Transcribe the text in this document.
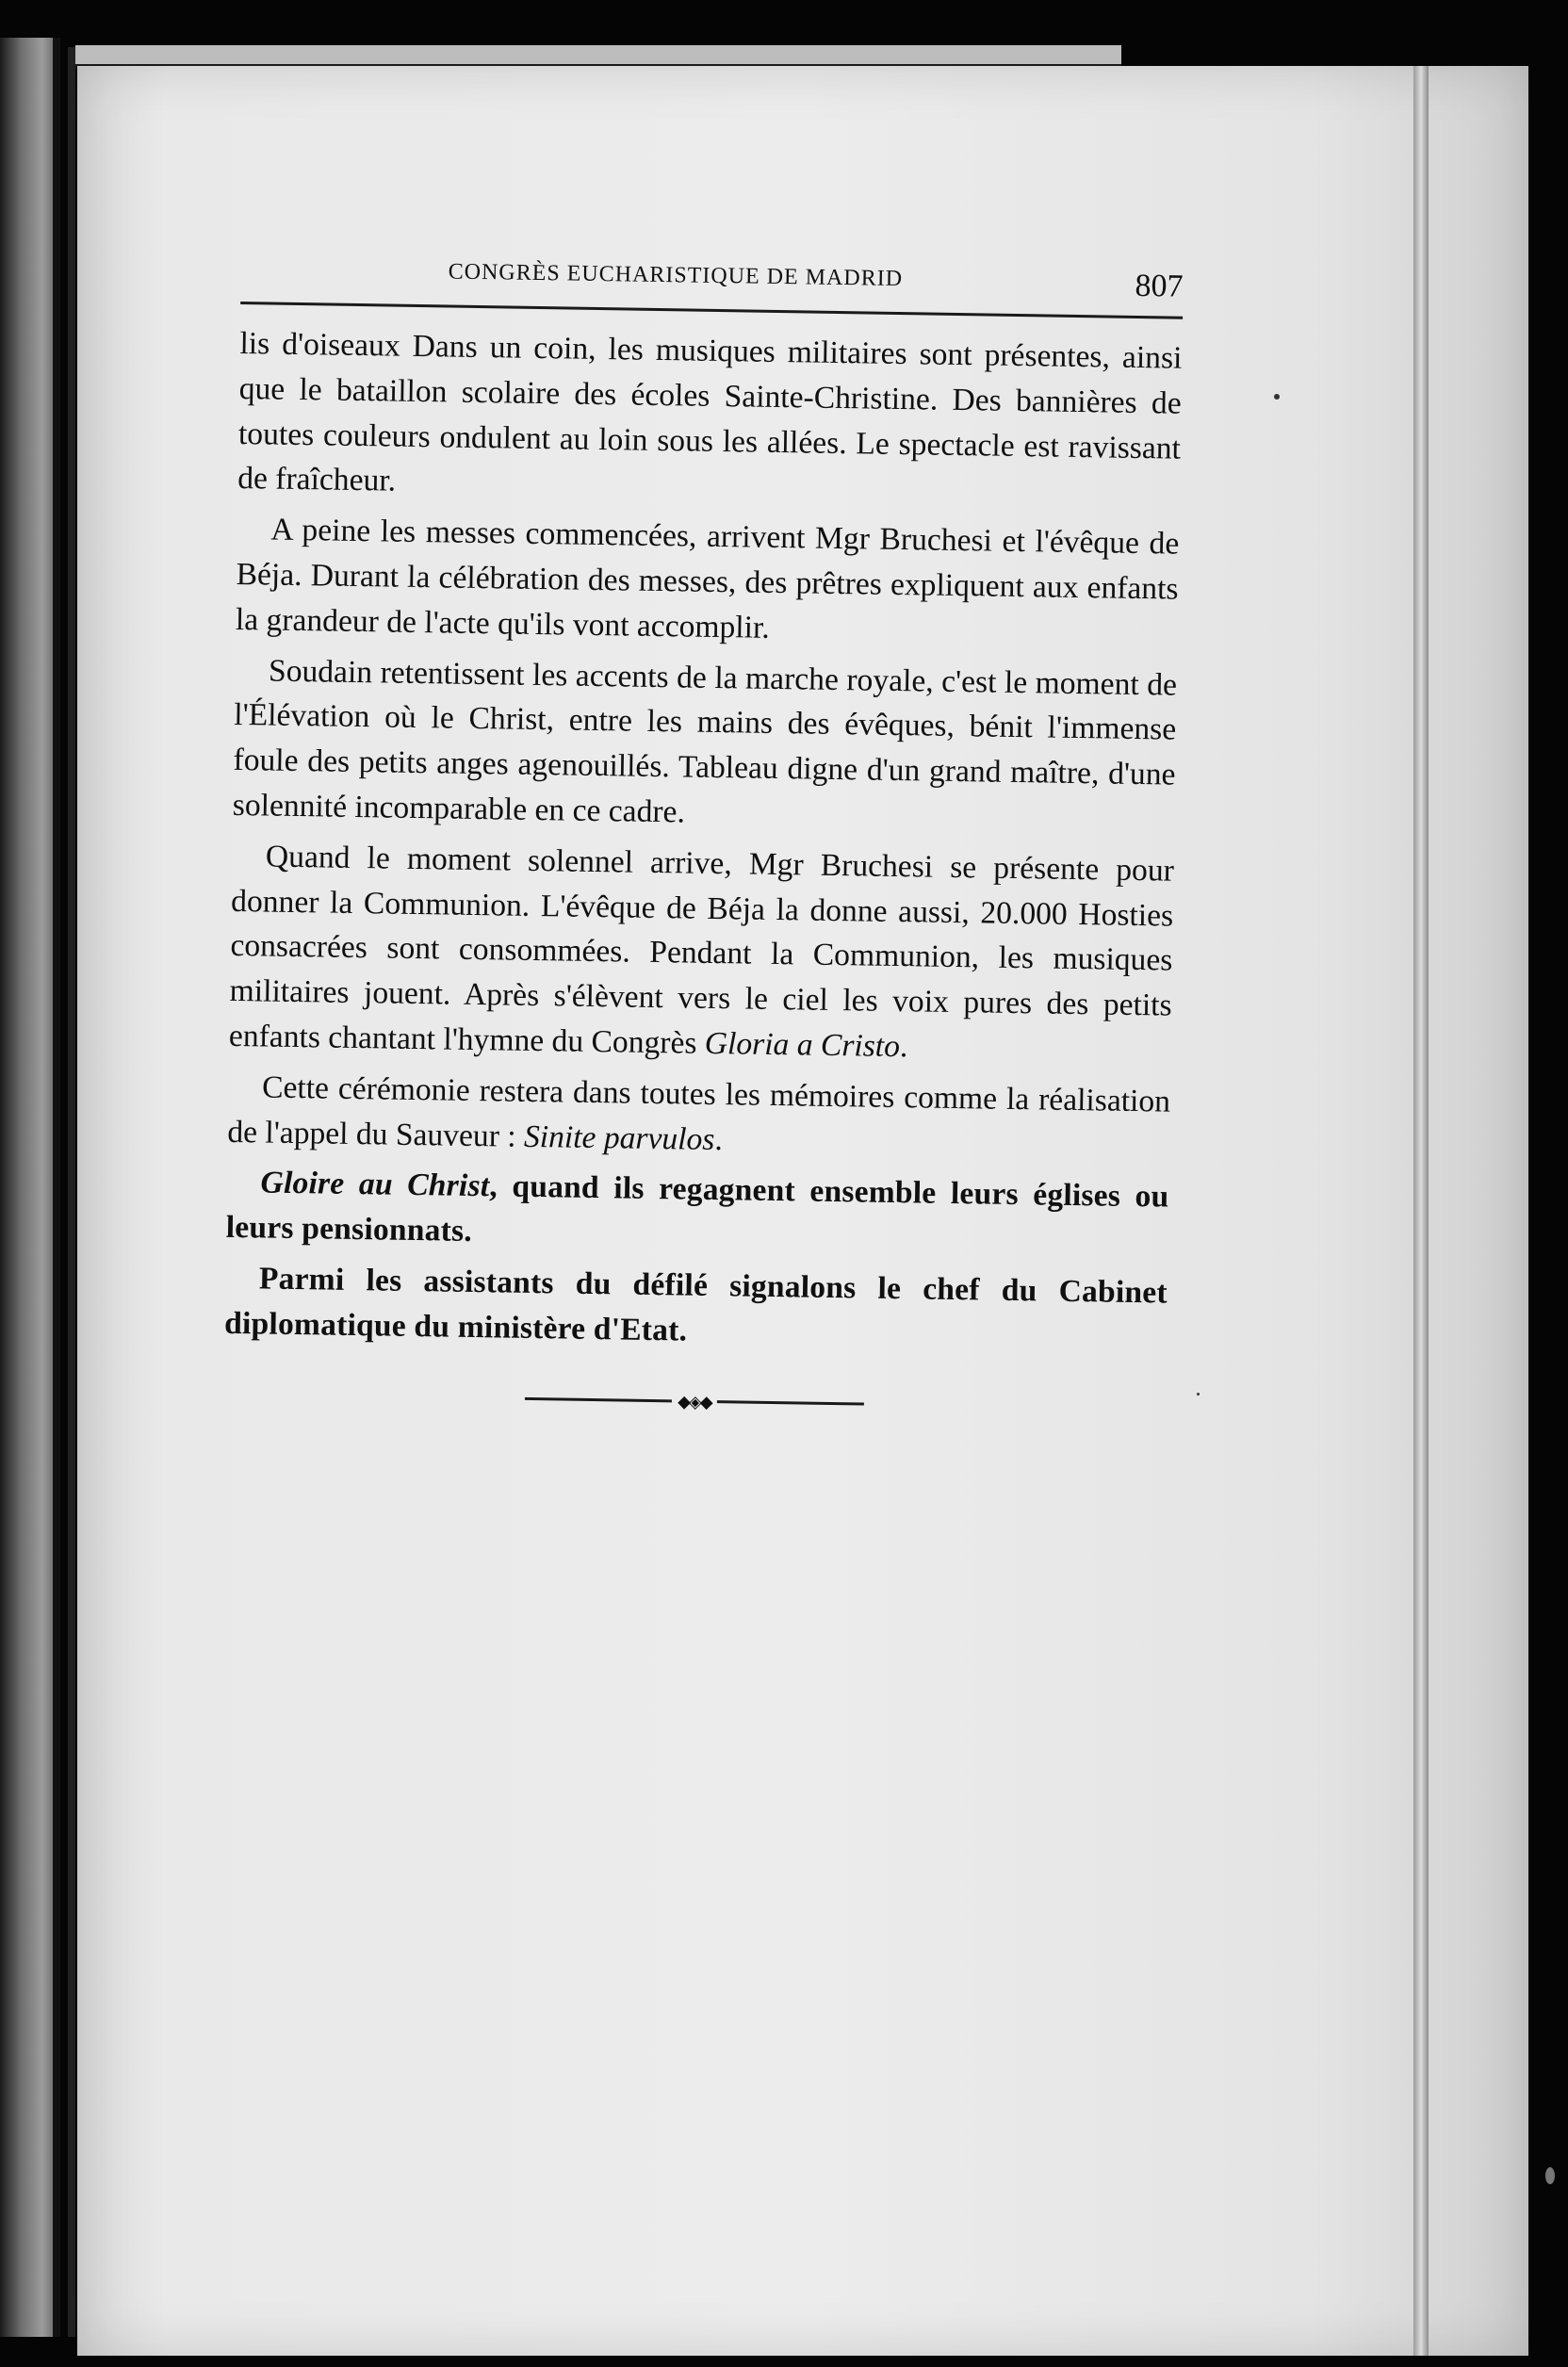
CONGRÈS EUCHARISTIQUE DE MADRID	807

lis d'oiseaux Dans un coin, les musiques militaires sont présentes, ainsi que le bataillon scolaire des écoles Sainte-Christine. Des bannières de toutes couleurs ondulent au loin sous les allées. Le spectacle est ravissant de fraîcheur.

A peine les messes commencées, arrivent Mgr Bruchesi et l'évêque de Béja. Durant la célébration des messes, des prêtres expliquent aux enfants la grandeur de l'acte qu'ils vont accomplir.

Soudain retentissent les accents de la marche royale, c'est le moment de l'Élévation où le Christ, entre les mains des évêques, bénit l'immense foule des petits anges agenouillés. Tableau digne d'un grand maître, d'une solennité incomparable en ce cadre.

Quand le moment solennel arrive, Mgr Bruchesi se présente pour donner la Communion. L'évêque de Béja la donne aussi, 20.000 Hosties consacrées sont consommées. Pendant la Communion, les musiques militaires jouent. Après s'élèvent vers le ciel les voix pures des petits enfants chantant l'hymne du Congrès Gloria a Cristo.

Cette cérémonie restera dans toutes les mémoires comme la réalisation de l'appel du Sauveur : Sinite parvulos.

Gloire au Christ, quand ils regagnent ensemble leurs églises ou leurs pensionnats.

Parmi les assistants du défilé signalons le chef du Cabinet diplomatique du ministère d'Etat.

◆◈◆
